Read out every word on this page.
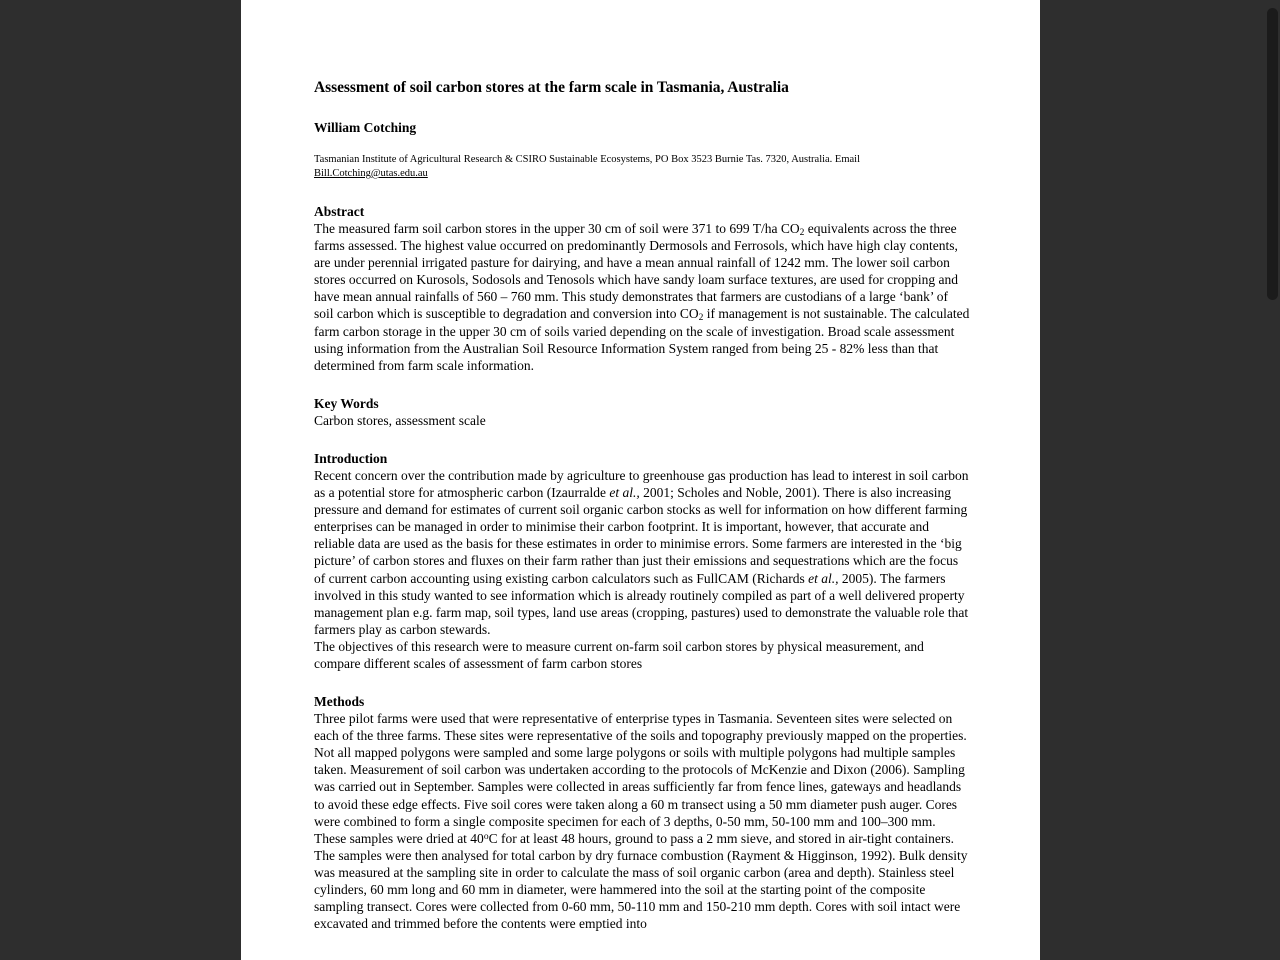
Assessment of soil carbon stores at the farm scale in Tasmania, Australia
William Cotching

Tasmanian Institute of Agricultural Research & CSIRO Sustainable Ecosystems, PO Box 3523 Burnie Tas. 7320, Australia. Email Bill.Cotching@utas.edu.au

Abstract

The measured farm soil carbon stores in the upper 30 cm of soil were 371 to 699 T/ha $CO_2$ equivalents across the three farms assessed. The highest value occurred on predominantly Dermosols and Ferrosols, which have high clay contents, are under perennial irrigated pasture for dairying, and have a mean annual rainfall of 1242 mm. The lower soil carbon stores occurred on Kurosols, Sodosols and Tenosols which have sandy loam surface textures, are used for cropping and have mean annual rainfalls of 560 – 760 mm. This study demonstrates that farmers are custodians of a large ‘bank’ of soil carbon which is susceptible to degradation and conversion into $CO_2$ if management is not sustainable. The calculated farm carbon storage in the upper 30 cm of soils varied depending on the scale of investigation. Broad scale assessment using information from the Australian Soil Resource Information System ranged from being 25 - 82% less than that determined from farm scale information.

Key Words

Carbon stores, assessment scale

Introduction

Recent concern over the contribution made by agriculture to greenhouse gas production has lead to interest in soil carbon as a potential store for atmospheric carbon (Izaurralde et al., 2001; Scholes and Noble, 2001). There is also increasing pressure and demand for estimates of current soil organic carbon stocks as well for information on how different farming enterprises can be managed in order to minimise their carbon footprint. It is important, however, that accurate and reliable data are used as the basis for these estimates in order to minimise errors. Some farmers are interested in the ‘big picture’ of carbon stores and fluxes on their farm rather than just their emissions and sequestrations which are the focus of current carbon accounting using existing carbon calculators such as FullCAM (Richards et al., 2005). The farmers involved in this study wanted to see information which is already routinely compiled as part of a well delivered property management plan e.g. farm map, soil types, land use areas (cropping, pastures) used to demonstrate the valuable role that farmers play as carbon stewards.

The objectives of this research were to measure current on-farm soil carbon stores by physical measurement, and compare different scales of assessment of farm carbon stores

Methods

Three pilot farms were used that were representative of enterprise types in Tasmania. Seventeen sites were selected on each of the three farms. These sites were representative of the soils and topography previously mapped on the properties. Not all mapped polygons were sampled and some large polygons or soils with multiple polygons had multiple samples taken. Measurement of soil carbon was undertaken according to the protocols of McKenzie and Dixon (2006). Sampling was carried out in September. Samples were collected in areas sufficiently far from fence lines, gateways and headlands to avoid these edge effects. Five soil cores were taken along a 60 m transect using a 50 mm diameter push auger. Cores were combined to form a single composite specimen for each of 3 depths, 0-50 mm, 50-100 mm and 100–300 mm. These samples were dried at 40$^o$C for at least 48 hours, ground to pass a 2 mm sieve, and stored in air-tight containers. The samples were then analysed for total carbon by dry furnace combustion (Rayment & Higginson, 1992). Bulk density was measured at the sampling site in order to calculate the mass of soil organic carbon (area and depth). Stainless steel cylinders, 60 mm long and 60 mm in diameter, were hammered into the soil at the starting point of the composite sampling transect. Cores were collected from 0-60 mm, 50-110 mm and 150-210 mm depth. Cores with soil intact were excavated and trimmed before the contents were emptied into
